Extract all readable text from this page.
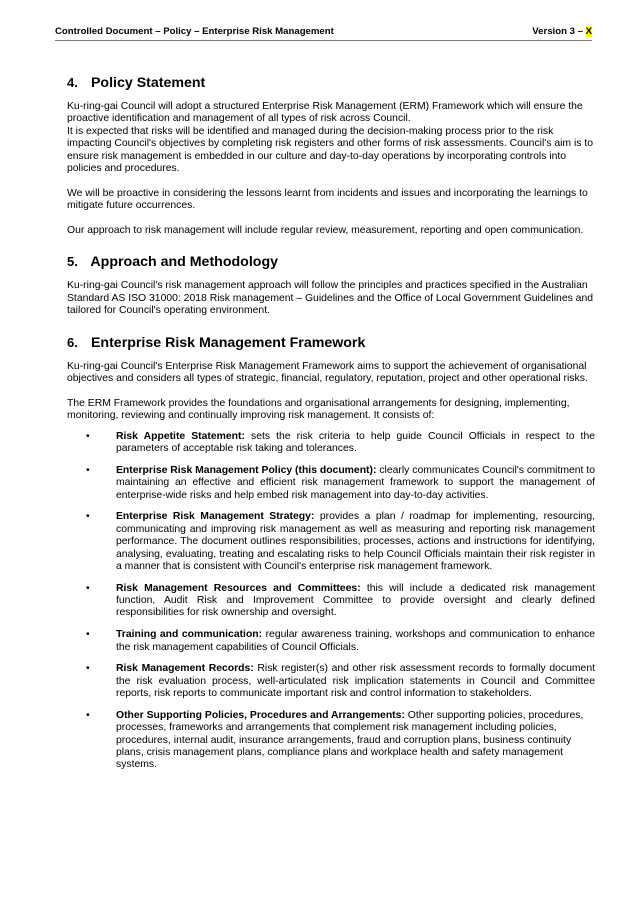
Controlled Document – Policy – Enterprise Risk Management	Version 3 – X
4. Policy Statement

Ku-ring-gai Council will adopt a structured Enterprise Risk Management (ERM) Framework which will ensure the proactive identification and management of all types of risk across Council.

It is expected that risks will be identified and managed during the decision-making process prior to the risk impacting Council's objectives by completing risk registers and other forms of risk assessments. Council's aim is to ensure risk management is embedded in our culture and day-to-day operations by incorporating controls into policies and procedures.

We will be proactive in considering the lessons learnt from incidents and issues and incorporating the learnings to mitigate future occurrences.

Our approach to risk management will include regular review, measurement, reporting and open communication.

5. Approach and Methodology

Ku-ring-gai Council's risk management approach will follow the principles and practices specified in the Australian Standard AS ISO 31000: 2018 Risk management – Guidelines and the Office of Local Government Guidelines and tailored for Council's operating environment.

6. Enterprise Risk Management Framework

Ku-ring-gai Council's Enterprise Risk Management Framework aims to support the achievement of organisational objectives and considers all types of strategic, financial, regulatory, reputation, project and other operational risks.

The ERM Framework provides the foundations and organisational arrangements for designing, implementing, monitoring, reviewing and continually improving risk management. It consists of:

•	Risk Appetite Statement: sets the risk criteria to help guide Council Officials in respect to the parameters of acceptable risk taking and tolerances.
•	Enterprise Risk Management Policy (this document): clearly communicates Council's commitment to maintaining an effective and efficient risk management framework to support the management of enterprise-wide risks and help embed risk management into day-to-day activities.
•	Enterprise Risk Management Strategy: provides a plan / roadmap for implementing, resourcing, communicating and improving risk management as well as measuring and reporting risk management performance. The document outlines responsibilities, processes, actions and instructions for identifying, analysing, evaluating, treating and escalating risks to help Council Officials maintain their risk register in a manner that is consistent with Council's enterprise risk management framework.
•	Risk Management Resources and Committees: this will include a dedicated risk management function, Audit Risk and Improvement Committee to provide oversight and clearly defined responsibilities for risk ownership and oversight.
•	Training and communication: regular awareness training, workshops and communication to enhance the risk management capabilities of Council Officials.
•	Risk Management Records: Risk register(s) and other risk assessment records to formally document the risk evaluation process, well-articulated risk implication statements in Council and Committee reports, risk reports to communicate important risk and control information to stakeholders.
•	Other Supporting Policies, Procedures and Arrangements: Other supporting policies, procedures, processes, frameworks and arrangements that complement risk management including policies, procedures, internal audit, insurance arrangements, fraud and corruption plans, business continuity plans, crisis management plans, compliance plans and workplace health and safety management systems.
